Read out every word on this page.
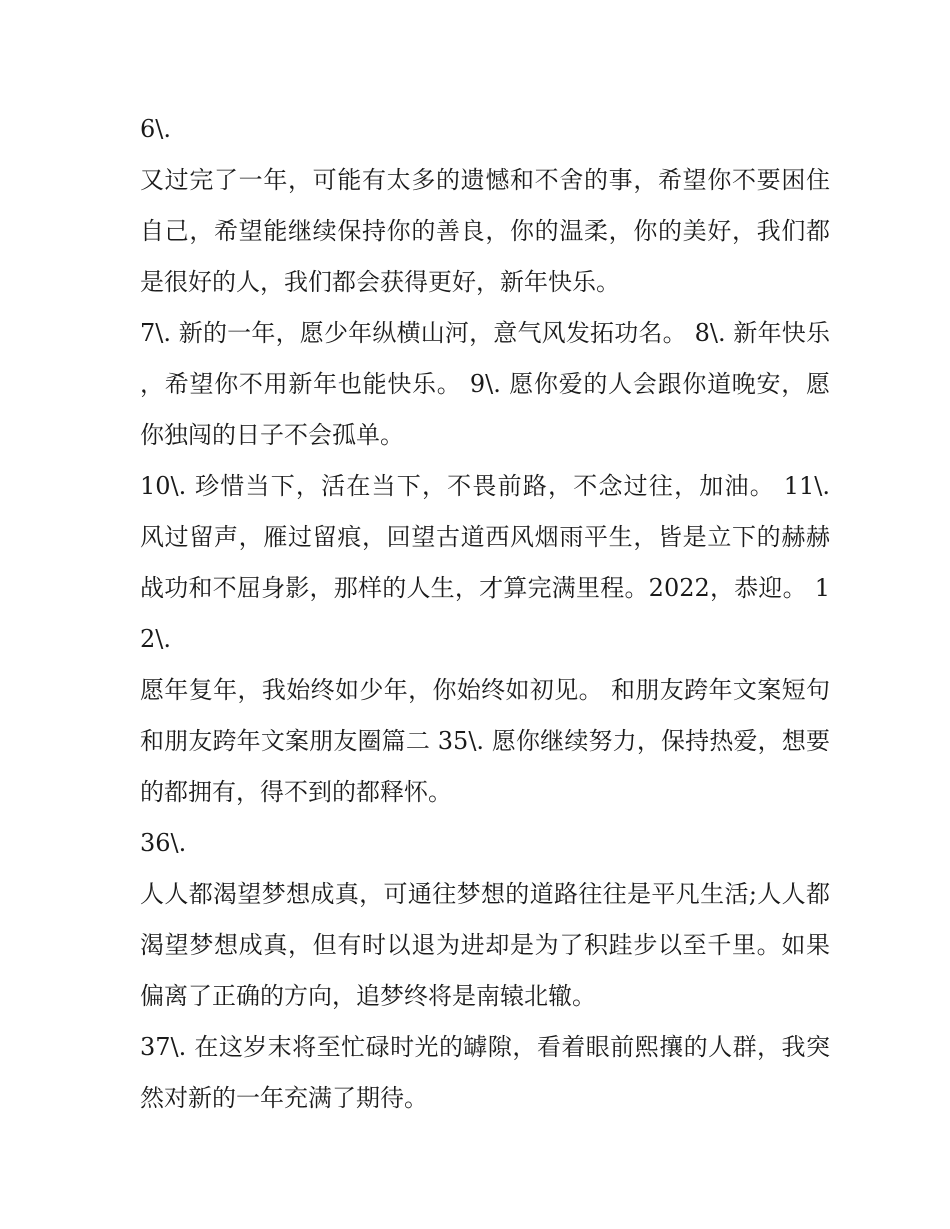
6\.

又过完了一年，可能有太多的遗憾和不舍的事，希望你不要困住自己，希望能继续保持你的善良，你的温柔，你的美好，我们都是很好的人，我们都会获得更好，新年快乐。

7\. 新的一年，愿少年纵横山河，意气风发拓功名。 8\. 新年快乐，希望你不用新年也能快乐。 9\. 愿你爱的人会跟你道晚安，愿你独闯的日子不会孤单。

10\. 珍惜当下，活在当下，不畏前路，不念过往，加油。 11\. 风过留声，雁过留痕，回望古道西风烟雨平生，皆是立下的赫赫战功和不屈身影，那样的人生，才算完满里程。2022，恭迎。 12\.

愿年复年，我始终如少年，你始终如初见。 和朋友跨年文案短句 和朋友跨年文案朋友圈篇二 35\. 愿你继续努力，保持热爱，想要的都拥有，得不到的都释怀。

36\.

人人都渴望梦想成真，可通往梦想的道路往往是平凡生活;人人都渴望梦想成真，但有时以退为进却是为了积跬步以至千里。如果偏离了正确的方向，追梦终将是南辕北辙。

37\. 在这岁末将至忙碌时光的罅隙，看着眼前熙攘的人群，我突然对新的一年充满了期待。
